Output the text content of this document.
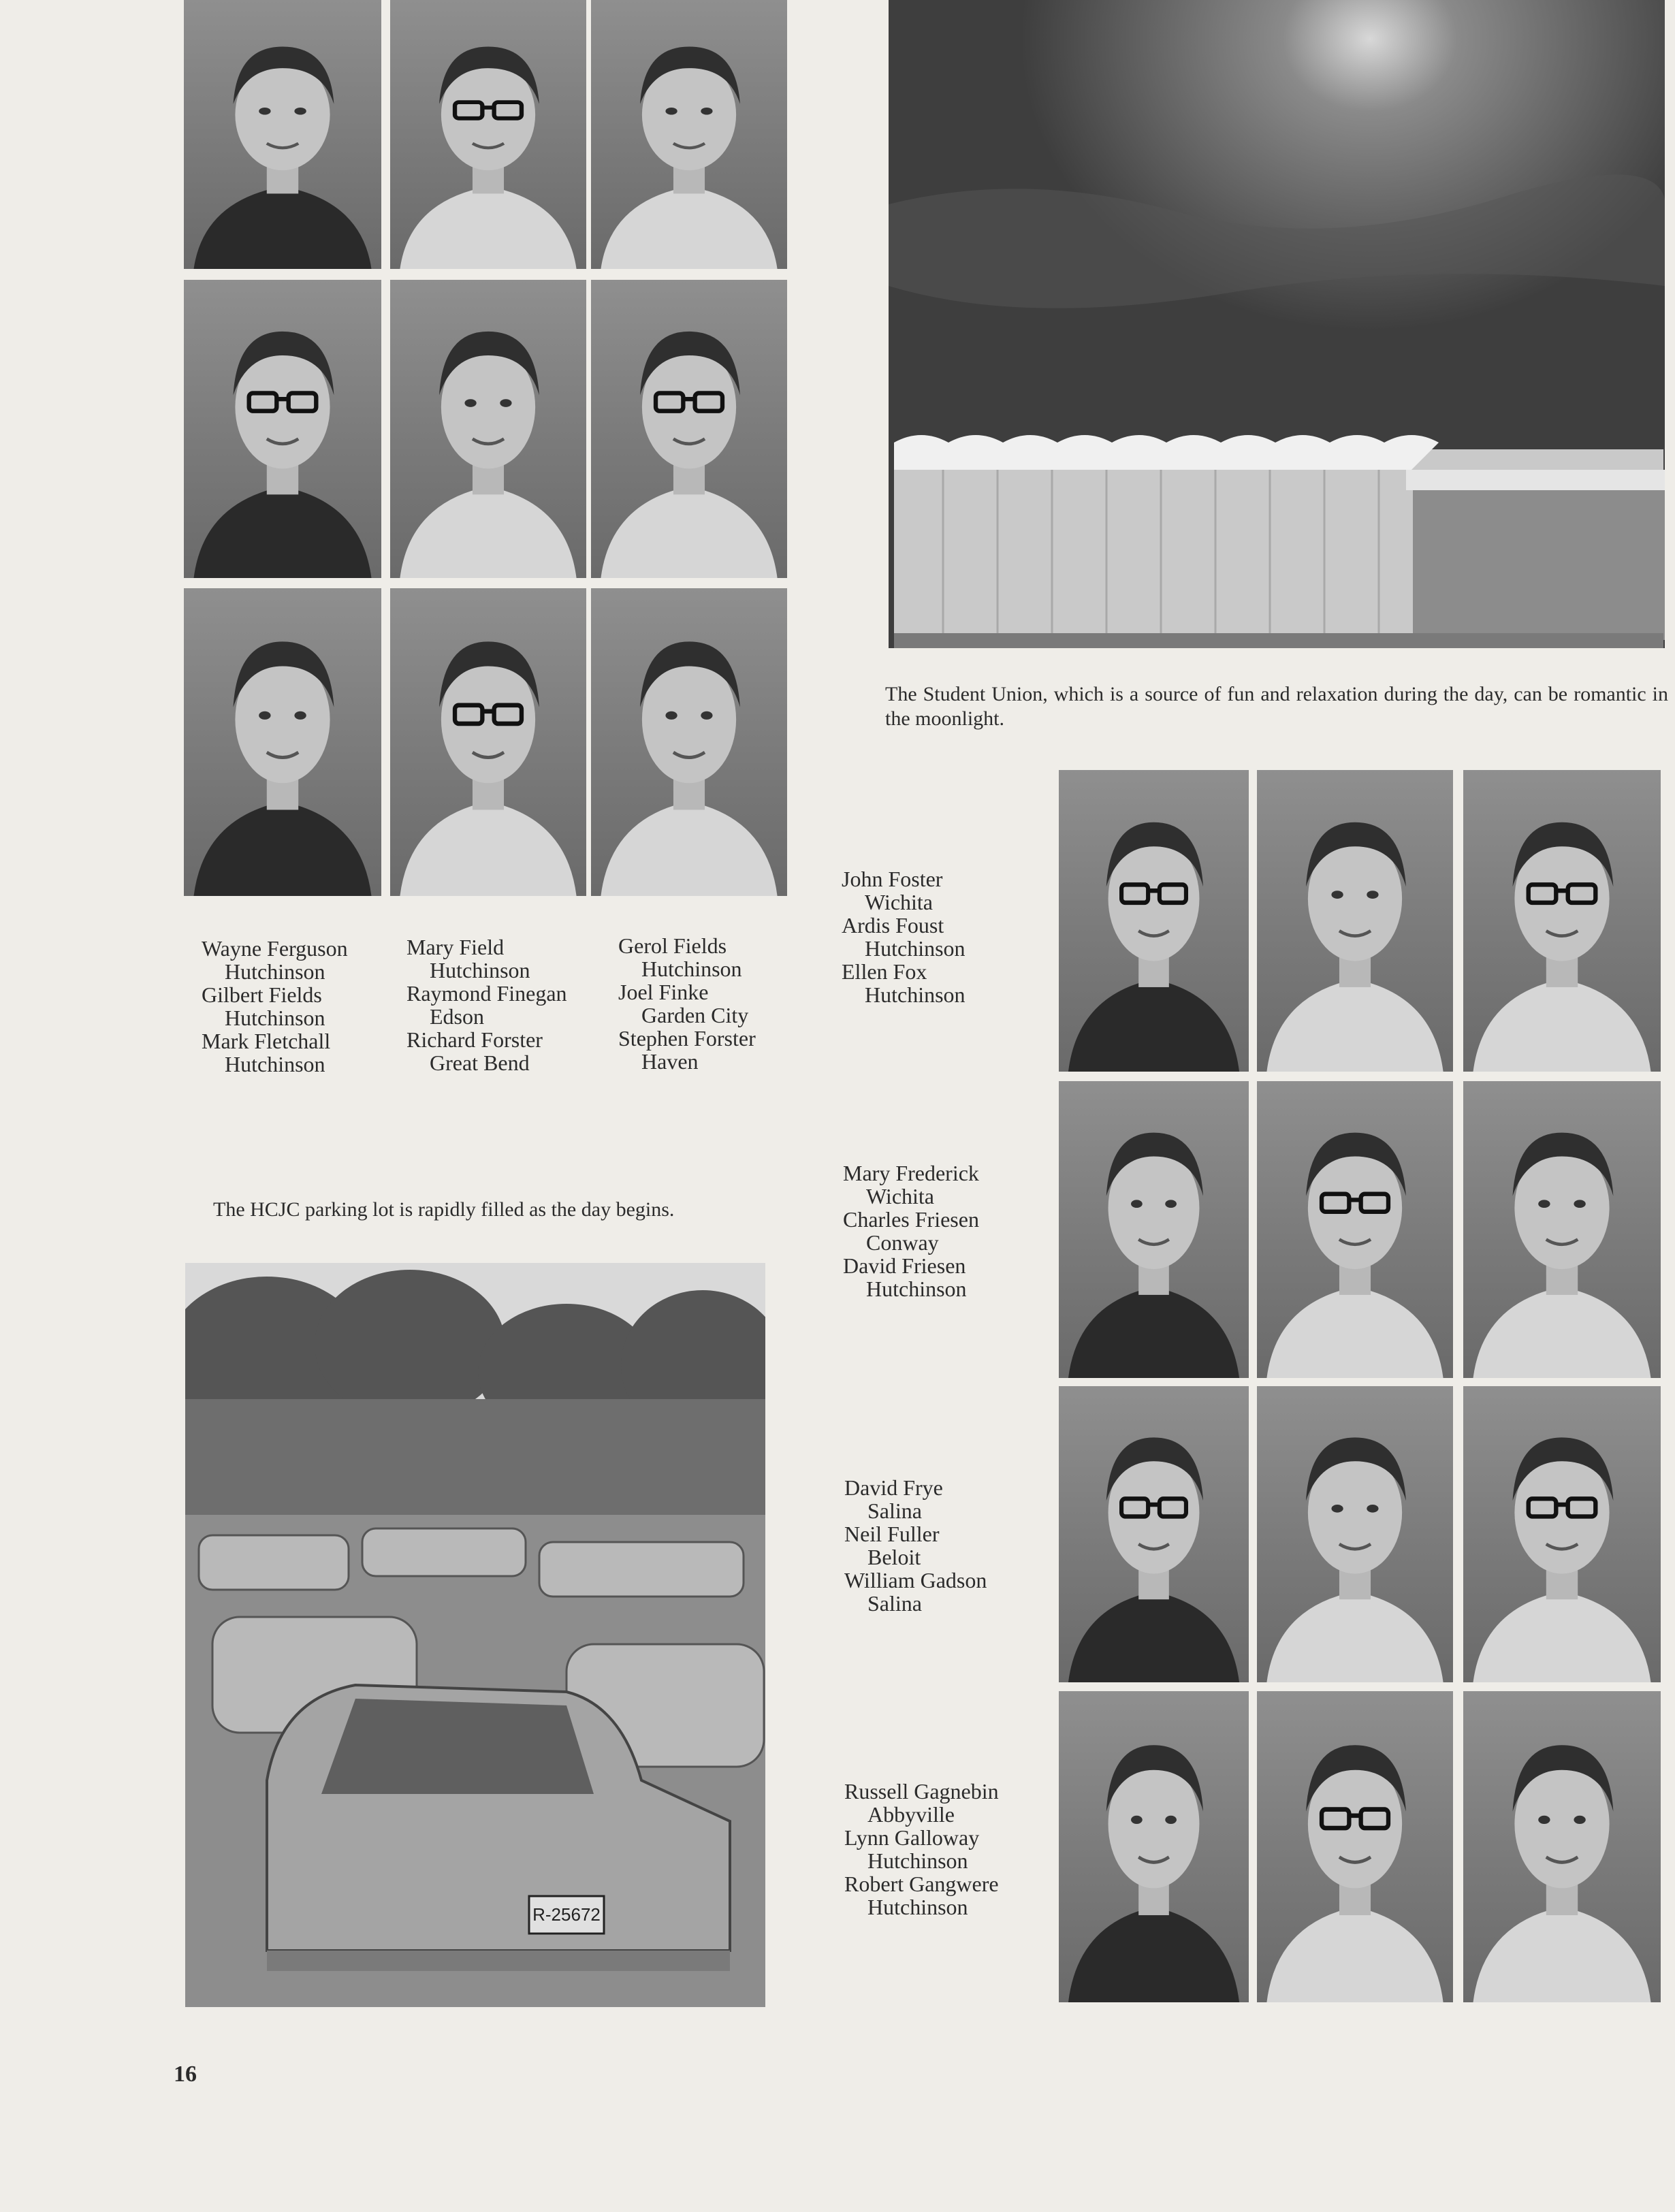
Wayne Ferguson
Hutchinson
Gilbert Fields
Hutchinson
Mark Fletchall
Hutchinson
Mary Field
Hutchinson
Raymond Finegan
Edson
Richard Forster
Great Bend
Gerol Fields
Hutchinson
Joel Finke
Garden City
Stephen Forster
Haven
The Student Union, which is a source of fun and relaxation during the day, can be romantic in the moonlight.
The HCJC parking lot is rapidly filled as the day begins.
R-25672
John Foster
Wichita
Ardis Foust
Hutchinson
Ellen Fox
Hutchinson
Mary Frederick
Wichita
Charles Friesen
Conway
David Friesen
Hutchinson
David Frye
Salina
Neil Fuller
Beloit
William Gadson
Salina
Russell Gagnebin
Abbyville
Lynn Galloway
Hutchinson
Robert Gangwere
Hutchinson
16
